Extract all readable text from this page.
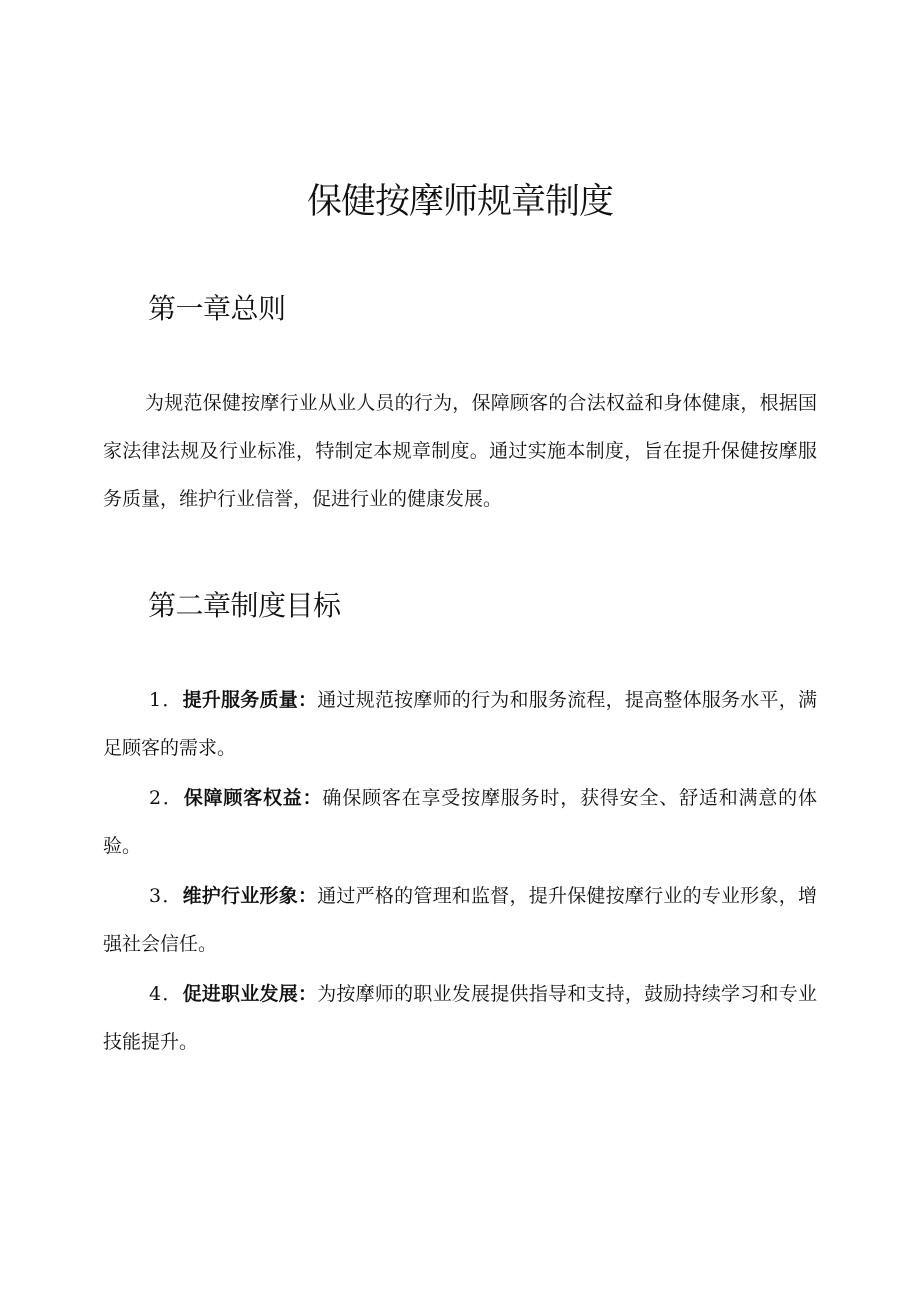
保健按摩师规章制度
第一章总则

为规范保健按摩行业从业人员的行为，保障顾客的合法权益和身体健康，根据国家法律法规及行业标准，特制定本规章制度。通过实施本制度，旨在提升保健按摩服务质量，维护行业信誉，促进行业的健康发展。

第二章制度目标
1．提升服务质量：通过规范按摩师的行为和服务流程，提高整体服务水平，满足顾客的需求。
2．保障顾客权益：确保顾客在享受按摩服务时，获得安全、舒适和满意的体验。
3．维护行业形象：通过严格的管理和监督，提升保健按摩行业的专业形象，增强社会信任。
4．促进职业发展：为按摩师的职业发展提供指导和支持，鼓励持续学习和专业技能提升。
